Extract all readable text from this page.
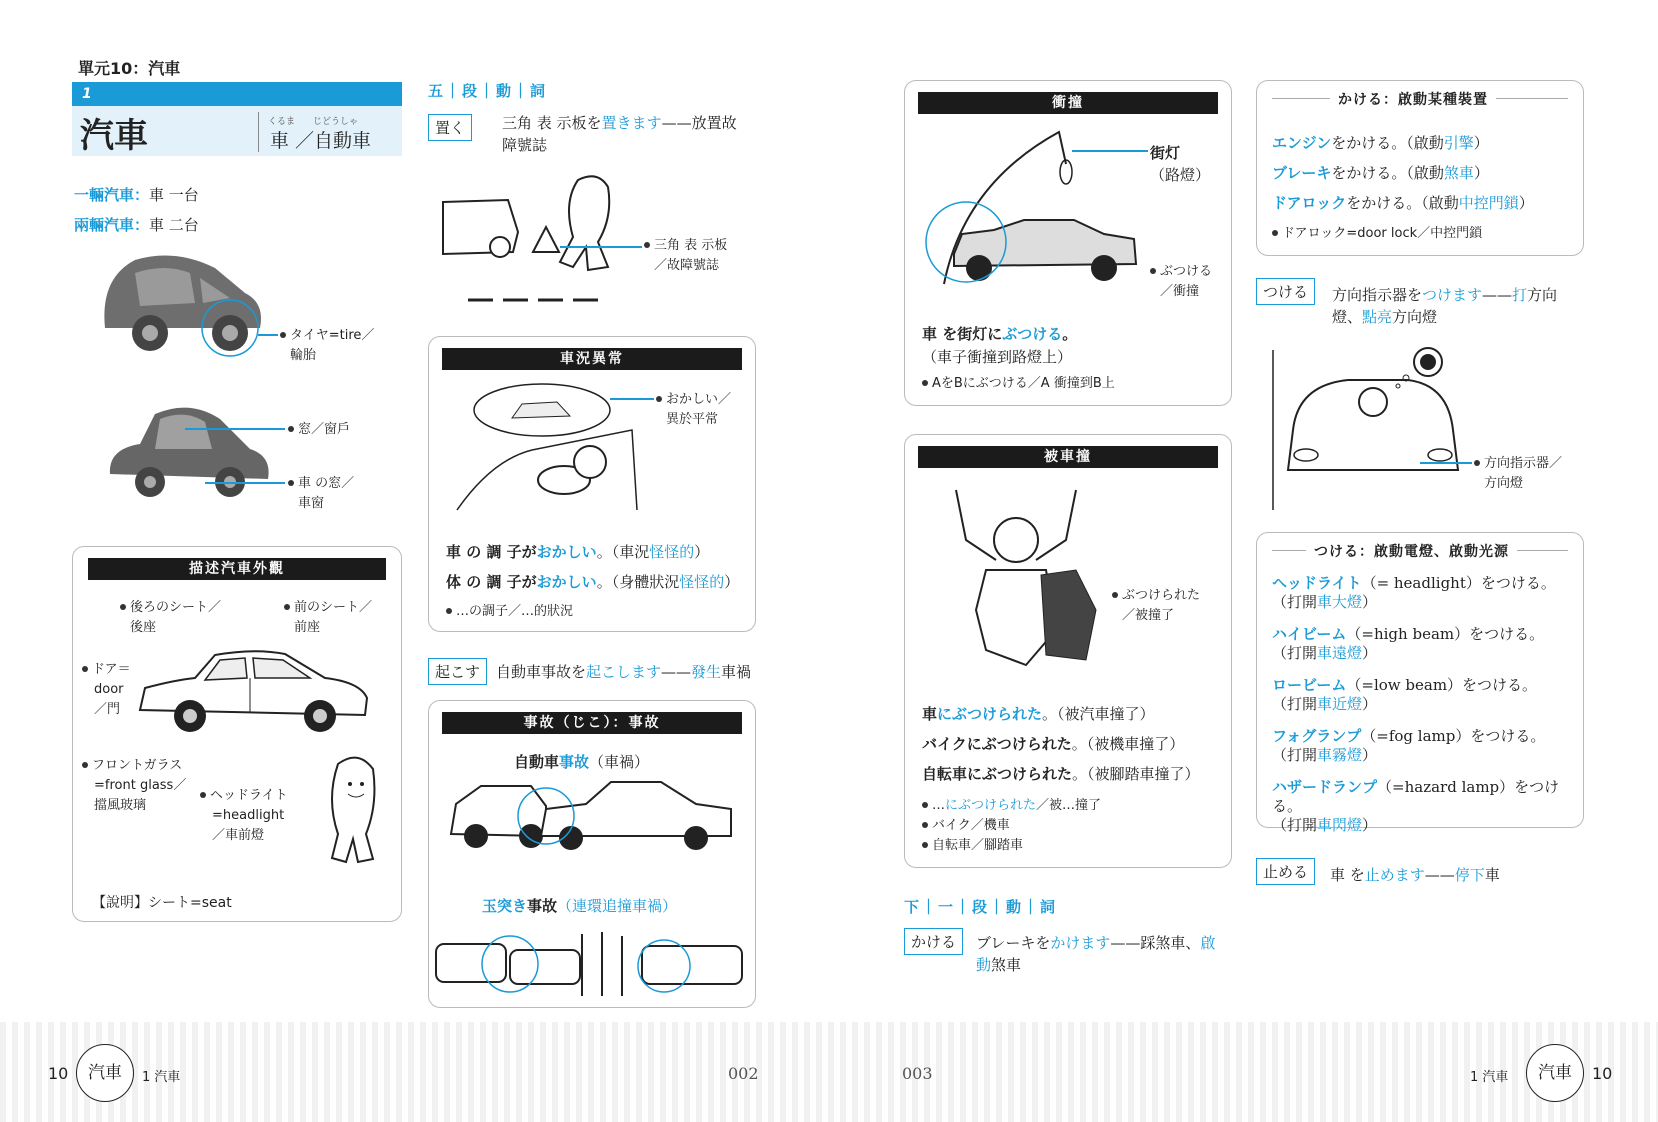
單元10：汽車
1
汽車	くるま　　じどうしゃ
車 ／自動車
一輛汽車：車 一台
兩輛汽車：車 二台
タイヤ=tire／
輪胎
窓／窗戶
車 の窓／
車窗
描述汽車外觀
後ろのシート／
後座
前のシート／
前座
ドア＝
door
／門
フロントガラス
=front glass／
擋風玻璃
ヘッドライト
=headlight
／車前燈
【說明】シート=seat
五｜段｜動｜詞
置く	三角 表 示板を置きます——放置故
障號誌
三角 表 示板
／故障號誌
車況異常
おかしい／
異於平常
車 の 調 子がおかしい。（車況怪怪的）
体 の 調 子がおかしい。（身體狀況怪怪的）
…の調子／…的狀況
起こす	自動車事故を起こします——發生車禍
事故（じこ）：事故
自動車事故（車禍）
玉突き事故（連環追撞車禍）
衝撞
街灯
（路燈）
ぶつける
／衝撞
車 を街灯にぶつける。
（車子衝撞到路燈上）
AをBにぶつける／A 衝撞到B上
被車撞
ぶつけられた
／被撞了
車にぶつけられた。（被汽車撞了）
バイクにぶつけられた。（被機車撞了）
自転車にぶつけられた。（被腳踏車撞了）
…にぶつけられた／被…撞了
バイク／機車
自転車／腳踏車
下｜一｜段｜動｜詞
かける	ブレーキをかけます——踩煞車、啟
動煞車
かける：啟動某種裝置
エンジンをかける。（啟動引擎）
ブレーキをかける。（啟動煞車）
ドアロックをかける。（啟動中控門鎖）
ドアロック=door lock／中控門鎖
つける	方向指示器をつけます——打方向
燈、點亮方向燈
方向指示器／
方向燈
つける：啟動電燈、啟動光源
ヘッドライト（= headlight）をつける。
（打開車大燈）
ハイビーム（=high beam）をつける。
（打開車遠燈）
ロービーム（=low beam）をつける。
（打開車近燈）
フォグランプ（=fog lamp）をつける。
（打開車霧燈）
ハザードランプ（=hazard lamp）をつける。
（打開車閃燈）
止める	車 を止めます——停下車
10	汽車	1 汽車	002	003	1 汽車	汽車	10
